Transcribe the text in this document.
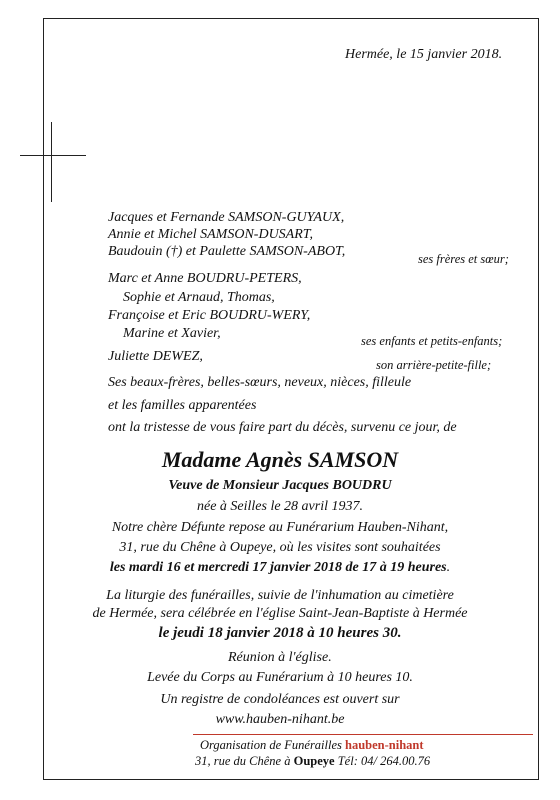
Hermée, le 15 janvier 2018.
Jacques et Fernande SAMSON-GUYAUX,
Annie et Michel SAMSON-DUSART,
Baudouin (†) et Paulette SAMSON-ABOT,	ses frères et sœur;
Marc et Anne BOUDRU-PETERS,
Sophie et Arnaud, Thomas,
Françoise et Eric BOUDRU-WERY,
Marine et Xavier,	ses enfants et petits-enfants;
Juliette DEWEZ,
son arrière-petite-fille;
Ses beaux-frères, belles-sœurs, neveux, nièces, filleule
et les familles apparentées
ont la tristesse de vous faire part du décès, survenu ce jour, de
Madame Agnès SAMSON
Veuve de Monsieur Jacques BOUDRU
née à Seilles le 28 avril 1937.
Notre chère Défunte repose au Funérarium Hauben-Nihant,
31, rue du Chêne à Oupeye, où les visites sont souhaitées
les mardi 16 et mercredi 17 janvier 2018 de 17 à 19 heures.
La liturgie des funérailles, suivie de l'inhumation au cimetière
de Hermée, sera célébrée en l'église Saint-Jean-Baptiste à Hermée
le jeudi 18 janvier 2018 à 10 heures 30.
Réunion à l'église.
Levée du Corps au Funérarium à 10 heures 10.
Un registre de condoléances est ouvert sur
www.hauben-nihant.be
Organisation de Funérailles hauben-nihant
31, rue du Chêne à Oupeye Tél: 04/ 264.00.76
